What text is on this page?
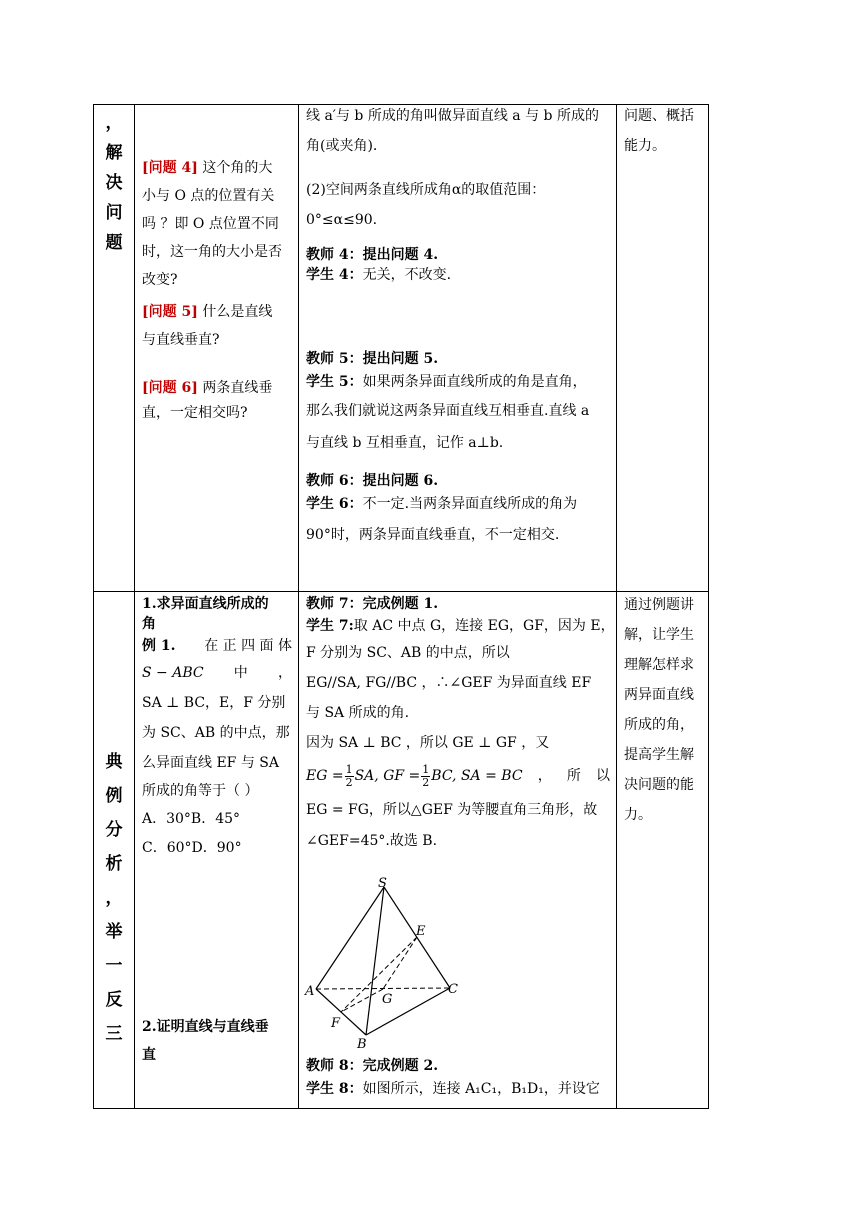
，
解
决
问
题
[问题 4] 这个角的大
小与 O 点的位置有关
吗 ？即 O 点位置不同
时，这一角的大小是否
改变?
[问题 5] 什么是直线
与直线垂直?
[问题 6] 两条直线垂
直，一定相交吗?
线 a′与 b 所成的角叫做异面直线 a 与 b 所成的
角(或夹角).
(2)空间两条直线所成角α的取值范围：
0°≤α≤90.
教师 4：提出问题 4.
学生 4：无关，不改变.
教师 5：提出问题 5.
学生 5：如果两条异面直线所成的角是直角，
那么我们就说这两条异面直线互相垂直.直线 a
与直线 b 互相垂直，记作 a⊥b.
教师 6：提出问题 6.
学生 6：不一定.当两条异面直线所成的角为
90°时，两条异面直线垂直，不一定相交.
问题、概括
能力。
典
例
分
析
，
举
一
反
三
1.求异面直线所成的
角
例 1. 在 正 四 面 体
S − ABC 中 ，
SA ⊥ BC，E，F 分别
为 SC、AB 的中点，那
么异面直线 EF 与 SA
所成的角等于（ ）
A．30°B．45°
C．60°D．90°
2.证明直线与直线垂
直
教师 7：完成例题 1.
学生 7:取 AC 中点 G，连接 EG，GF，因为 E，
F 分别为 SC、AB 的中点，所以
EG//SA, FG//BC ，∴∠GEF 为异面直线 EF
与 SA 所成的角.
因为 SA ⊥ BC ，所以 GE ⊥ GF ，又
EG = $\frac{1}{2}$ SA, GF = $\frac{1}{2}$ BC, SA = BC ， 所 以
EG = FG，所以△GEF 为等腰直角三角形，故
∠GEF=45°.故选 B.
S
E
A
G
C
F
B
教师 8：完成例题 2.
学生 8：如图所示，连接 A₁C₁，B₁D₁，并设它
通过例题讲
解，让学生
理解怎样求
两异面直线
所成的角，
提高学生解
决问题的能
力。
